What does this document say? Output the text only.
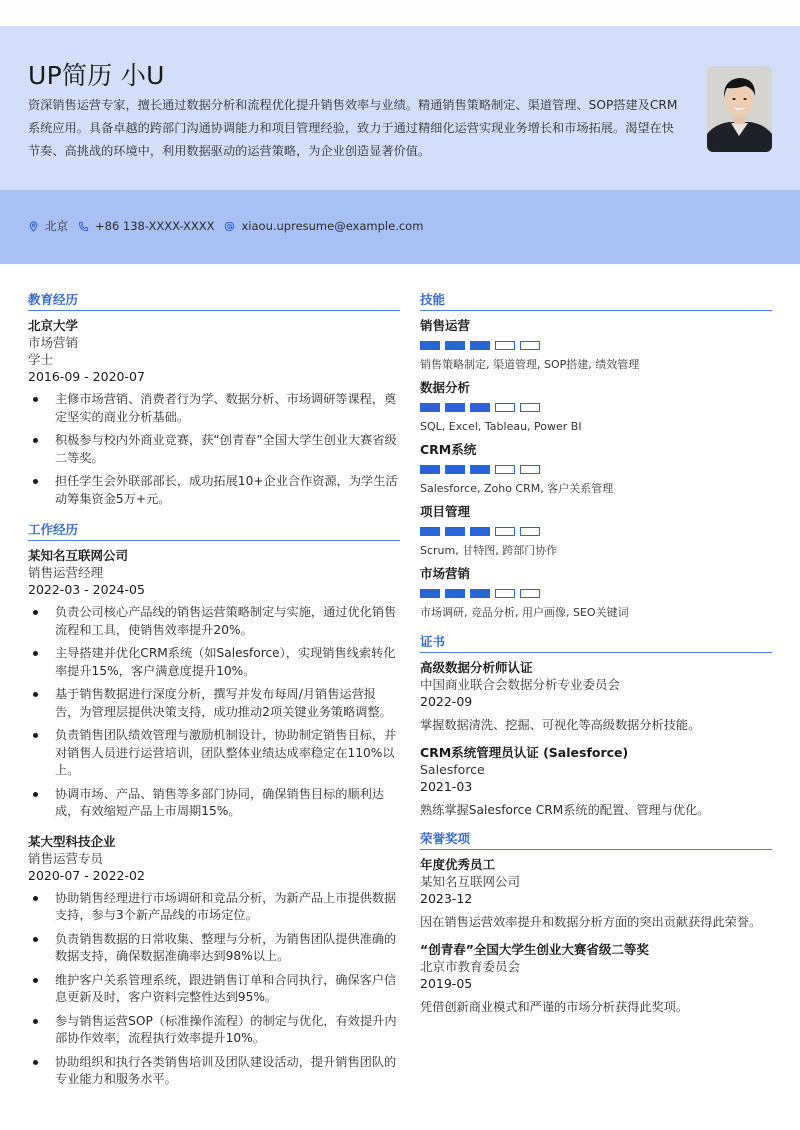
UP简历 小U

资深销售运营专家，擅长通过数据分析和流程优化提升销售效率与业绩。精通销售策略制定、渠道管理、SOP搭建及CRM系统应用。具备卓越的跨部门沟通协调能力和项目管理经验，致力于通过精细化运营实现业务增长和市场拓展。渴望在快节奏、高挑战的环境中，利用数据驱动的运营策略，为企业创造显著价值。

北京 +86 138-XXXX-XXXX xiaou.upresume@example.com
教育经历
北京大学
市场营销
学士
2016-09 - 2020-07
主修市场营销、消费者行为学、数据分析、市场调研等课程，奠定坚实的商业分析基础。
积极参与校内外商业竞赛，获“创青春”全国大学生创业大赛省级二等奖。
担任学生会外联部部长，成功拓展10+企业合作资源，为学生活动筹集资金5万+元。
工作经历
某知名互联网公司
销售运营经理
2022-03 - 2024-05
负责公司核心产品线的销售运营策略制定与实施，通过优化销售流程和工具，使销售效率提升20%。
主导搭建并优化CRM系统（如Salesforce），实现销售线索转化率提升15%，客户满意度提升10%。
基于销售数据进行深度分析，撰写并发布每周/月销售运营报告，为管理层提供决策支持，成功推动2项关键业务策略调整。
负责销售团队绩效管理与激励机制设计，协助制定销售目标，并对销售人员进行运营培训，团队整体业绩达成率稳定在110%以上。
协调市场、产品、销售等多部门协同，确保销售目标的顺利达成，有效缩短产品上市周期15%。
某大型科技企业
销售运营专员
2020-07 - 2022-02
协助销售经理进行市场调研和竞品分析，为新产品上市提供数据支持，参与3个新产品线的市场定位。
负责销售数据的日常收集、整理与分析，为销售团队提供准确的数据支持，确保数据准确率达到98%以上。
维护客户关系管理系统，跟进销售订单和合同执行，确保客户信息更新及时，客户资料完整性达到95%。
参与销售运营SOP（标准操作流程）的制定与优化，有效提升内部协作效率，流程执行效率提升10%。
协助组织和执行各类销售培训及团队建设活动，提升销售团队的专业能力和服务水平。
技能
销售运营
销售策略制定, 渠道管理, SOP搭建, 绩效管理
数据分析
SQL, Excel, Tableau, Power BI
CRM系统
Salesforce, Zoho CRM, 客户关系管理
项目管理
Scrum, 甘特图, 跨部门协作
市场营销
市场调研, 竞品分析, 用户画像, SEO关键词
证书
高级数据分析师认证
中国商业联合会数据分析专业委员会
2022-09
掌握数据清洗、挖掘、可视化等高级数据分析技能。
CRM系统管理员认证 (Salesforce)
Salesforce
2021-03
熟练掌握Salesforce CRM系统的配置、管理与优化。
荣誉奖项
年度优秀员工
某知名互联网公司
2023-12
因在销售运营效率提升和数据分析方面的突出贡献获得此荣誉。
“创青春”全国大学生创业大赛省级二等奖
北京市教育委员会
2019-05
凭借创新商业模式和严谨的市场分析获得此奖项。
